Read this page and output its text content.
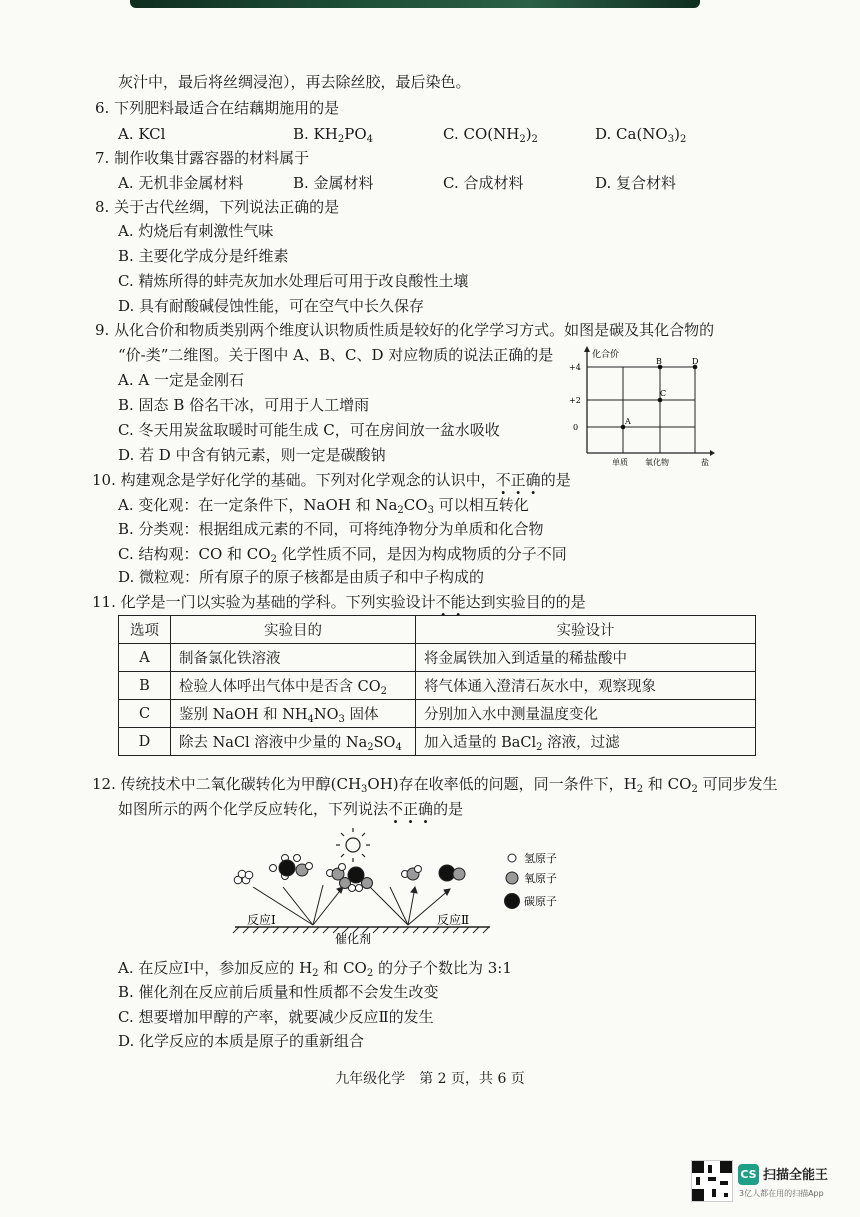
灰汁中，最后将丝绸浸泡），再去除丝胶，最后染色。
6. 下列肥料最适合在结藕期施用的是
A. KCl	B. $KH_2PO_4$	C. $CO(NH_2)_2$	D. $Ca(NO_3)_2$
7. 制作收集甘露容器的材料属于
A. 无机非金属材料	B. 金属材料	C. 合成材料	D. 复合材料
8. 关于古代丝绸，下列说法正确的是
A. 灼烧后有刺激性气味
B. 主要化学成分是纤维素
C. 精炼所得的蚌壳灰加水处理后可用于改良酸性土壤
D. 具有耐酸碱侵蚀性能，可在空气中长久保存
9. 从化合价和物质类别两个维度认识物质性质是较好的化学学习方式。如图是碳及其化合物的
“价-类”二维图。关于图中 A、B、C、D 对应物质的说法正确的是
A. A 一定是金刚石
B. 固态 B 俗名干冰，可用于人工增雨
C. 冬天用炭盆取暖时可能生成 C，可在房间放一盆水吸收
D. 若 D 中含有钠元素，则一定是碳酸钠
化合价
+4
+2
0
单质 氧化物	盐
A
B
C
D
10. 构建观念是学好化学的基础。下列对化学观念的认识中，不正确的是
A. 变化观：在一定条件下，NaOH 和 $Na_2CO_3$ 可以相互转化
B. 分类观：根据组成元素的不同，可将纯净物分为单质和化合物
C. 结构观：CO 和 $CO_2$ 化学性质不同，是因为构成物质的分子不同
D. 微粒观：所有原子的原子核都是由质子和中子构成的
11. 化学是一门以实验为基础的学科。下列实验设计不能达到实验目的的是
选项	实验目的	实验设计
A	制备氯化铁溶液	将金属铁加入到适量的稀盐酸中
B	检验人体呼出气体中是否含 $CO_2$	将气体通入澄清石灰水中，观察现象
C	鉴别 NaOH 和 $NH_4NO_3$ 固体	分别加入水中测量温度变化
D	除去 NaCl 溶液中少量的 $Na_2SO_4$	加入适量的 BaCl$_2$ 溶液，过滤
12. 传统技术中二氧化碳转化为甲醇$(CH_3OH)$存在收率低的问题，同一条件下，$H_2$ 和 $CO_2$ 可同步发生
如图所示的两个化学反应转化，下列说法不正确的是
反应Ⅰ	反应Ⅱ
催化剂
氢原子
氧原子
碳原子
A. 在反应Ⅰ中，参加反应的 $H_2$ 和 $CO_2$ 的分子个数比为 3:1
B. 催化剂在反应前后质量和性质都不会发生改变
C. 想要增加甲醇的产率，就要减少反应Ⅱ的发生
D. 化学反应的本质是原子的重新组合
九年级化学　第 2 页，共 6 页
CS 扫描全能王
3亿人都在用的扫描App
